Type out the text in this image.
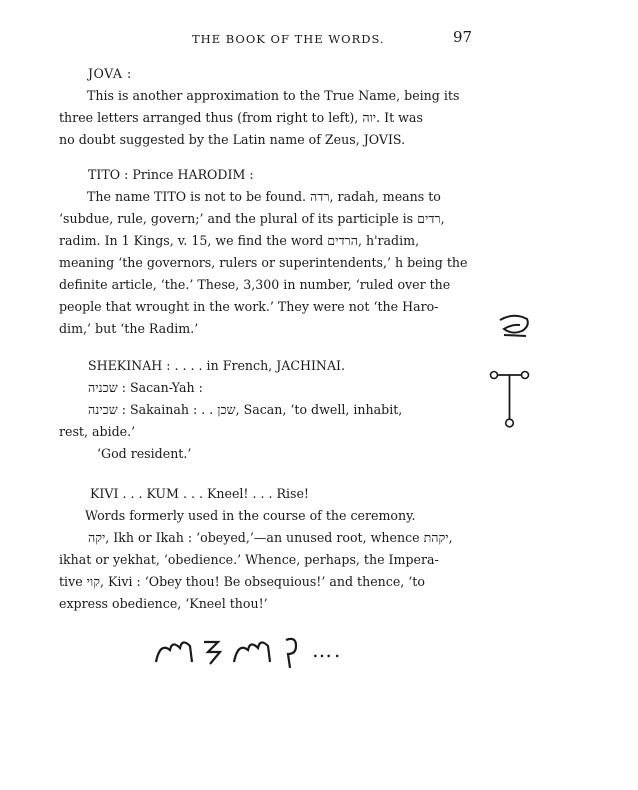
THE BOOK OF THE WORDS.	97
JOVA :
This is another approximation to the True Name, being its
three letters arranged thus (from right to left), יוה. It was
no doubt suggested by the Latin name of Zeus, JOVIS.
TITO : Prince HARODIM :
The name TITO is not to be found. רדה, radah, means to
‘subdue, rule, govern;’ and the plural of its participle is רדים,
radim. In 1 Kings, v. 15, we find the word הרדים, h'radim,
meaning ‘the governors, rulers or superintendents,’ h being the
definite article, ‘the.’ These, 3,300 in number, ‘ruled over the
people that wrought in the work.’ They were not ‘the Haro-
dim,’ but ‘the Radim.’
SHEKINAH : . . . . in French, JACHINAI.
שכניה : Sacan-Yah :
שכינה : Sakainah : . . שכן, Sacan, ‘to dwell, inhabit,
rest, abide.’
‘God resident.’
KIVI . . . KUM . . . Kneel! . . . Rise!
Words formerly used in the course of the ceremony.
יקה, Ikh or Ikah : ‘obeyed,’—an unused root, whence יקהת,
ikhat or yekhat, ‘obedience.’ Whence, perhaps, the Impera-
tive קוי, Kivi : ‘Obey thou! Be obsequious!’ and thence, ‘to
express obedience, ‘Kneel thou!’
….
